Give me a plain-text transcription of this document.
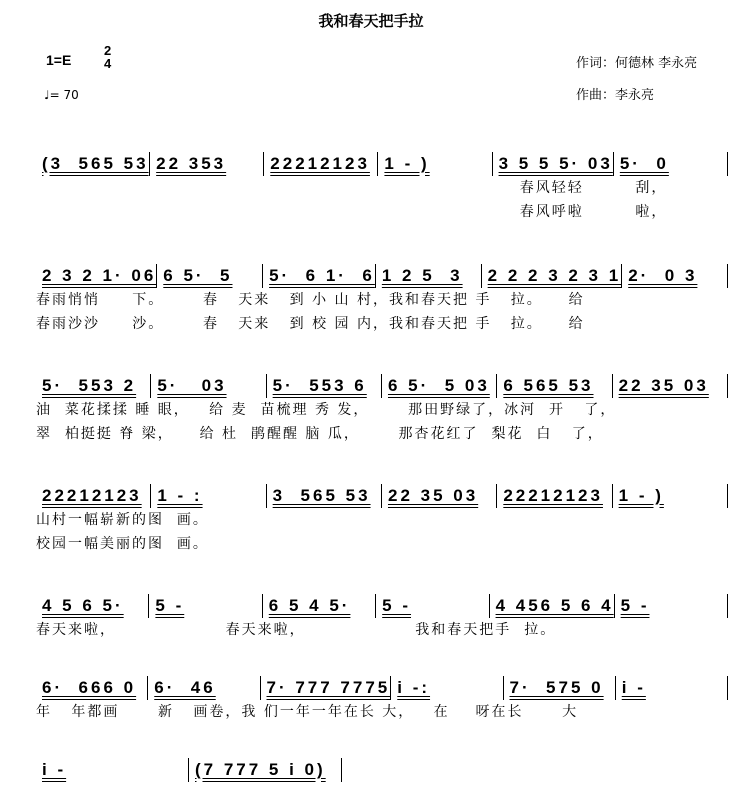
我和春天把手拉
1=E
2
4
♩= 70
作词：何德林 李永亮
作曲：李永亮
(3  565 53 22 353	22212123 1 - )	3 5 5 5· 03 5·  0
春风轻轻        刮，
春风呼啦        啦，
2 3 2 1· 06 6 5·  5	5·  6 1·  6 1 2 5  3	2 2 2 3 2 3 1 2·  0 3
春雨悄悄     下。      春   天来   到 小 山 村，我和春天把 手   拉。    给
春雨沙沙     沙。      春   天来   到 校 园 内，我和春天把 手   拉。    给
5·  553 2	5·   03	5·  553 6	6 5·  5 03 6 565 53	22 35 03
油  菜花揉揉 睡 眼，   给 麦  苗梳理 秀 发，      那田野绿了，冰河  开   了，
翠  柏挺挺 脊 梁，    给 杜  鹃醒醒 脑 瓜，      那杏花红了  梨花  白   了，
22212123 1 - :	3  565 53	22 35 03	22212123 1 - )
山村一幅崭新的图  画。
校园一幅美丽的图  画。
4 5 6 5·	5 -	6 5 4 5·	5 -	4 456 5 6 4 5 -
春天来啦，                 春天来啦，                 我和春天把手  拉。
6·  666 0	6·  46	7· 777 7775 i -:	7·  575 0	i -
年   年都画      新   画卷，我 们一年一年在长 大，   在    呀在长      大
i -	(7 777 5 i 0)
